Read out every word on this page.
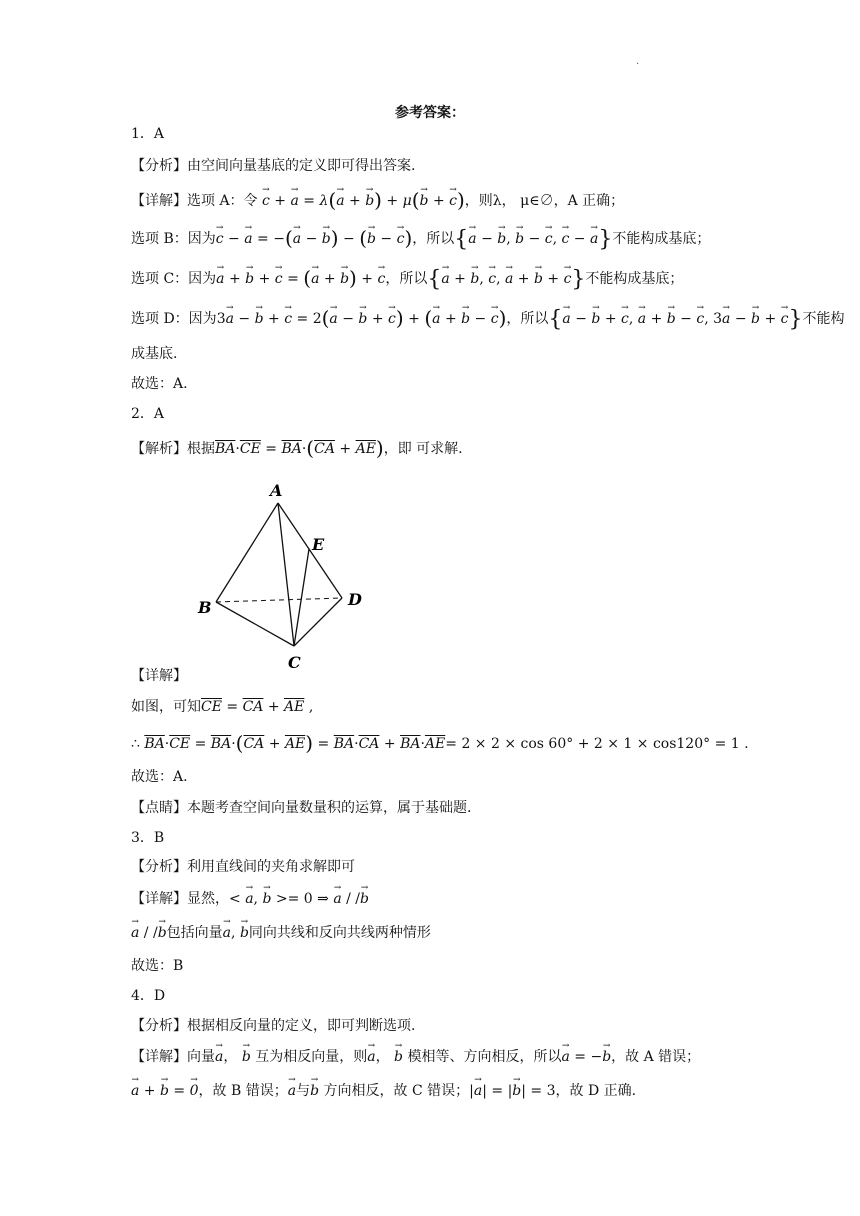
.
参考答案：
1．A
【分析】由空间向量基底的定义即可得出答案.
【详解】选项 A：令 c → + a → = λ(a → + b →) + μ(b → + c →)，则λ， μ∈∅，A 正确；
选项 B：因为c → − a → = −(a → − b →) − (b → − c →)，所以{a → − b →, b → − c →, c → − a →}不能构成基底；
选项 C：因为a → + b → + c → = (a → + b →) + c →，所以{a → + b →, c →, a → + b → + c →}不能构成基底；
选项 D：因为3a → − b → + c → = 2(a → − b → + c →) + (a → + b → − c →)，所以{a → − b → + c →, a → + b → − c →, 3a → − b → + c →}不能构
成基底.
故选：A.
2．A
【解析】根据$\overline{BA}\cdot\overline{CE} = \overline{BA}\cdot(\overline{CA} + \overline{AE})$，即 可求解.
A
B
C
D
E
【详解】
如图，可知$\overline{CE} = \overline{CA} + \overline{AE}$ ,
∴ $\overline{BA}\cdot\overline{CE} = \overline{BA}\cdot(\overline{CA} + \overline{AE}) = \overline{BA}\cdot\overline{CA} + \overline{BA}\cdot\overline{AE}= 2 \times 2 \times \cos 60^\circ + 2 \times 1 \times \cos 120^\circ = 1$ .
故选：A.
【点睛】本题考查空间向量数量积的运算，属于基础题.
3．B
【分析】利用直线间的夹角求解即可
【详解】显然，< a →, b → >= 0 ⇒ a → / /b →
a → / /b →包括向量a →, b →同向共线和反向共线两种情形
故选：B
4．D
【分析】根据相反向量的定义，即可判断选项.
【详解】向量a →， b → 互为相反向量，则a →， b → 模相等、方向相反，所以a → = −b →，故 A 错误；
a → + b → = 0 →，故 B 错误；a →与b → 方向相反，故 C 错误；|a →| = |b →| = 3，故 D 正确.
